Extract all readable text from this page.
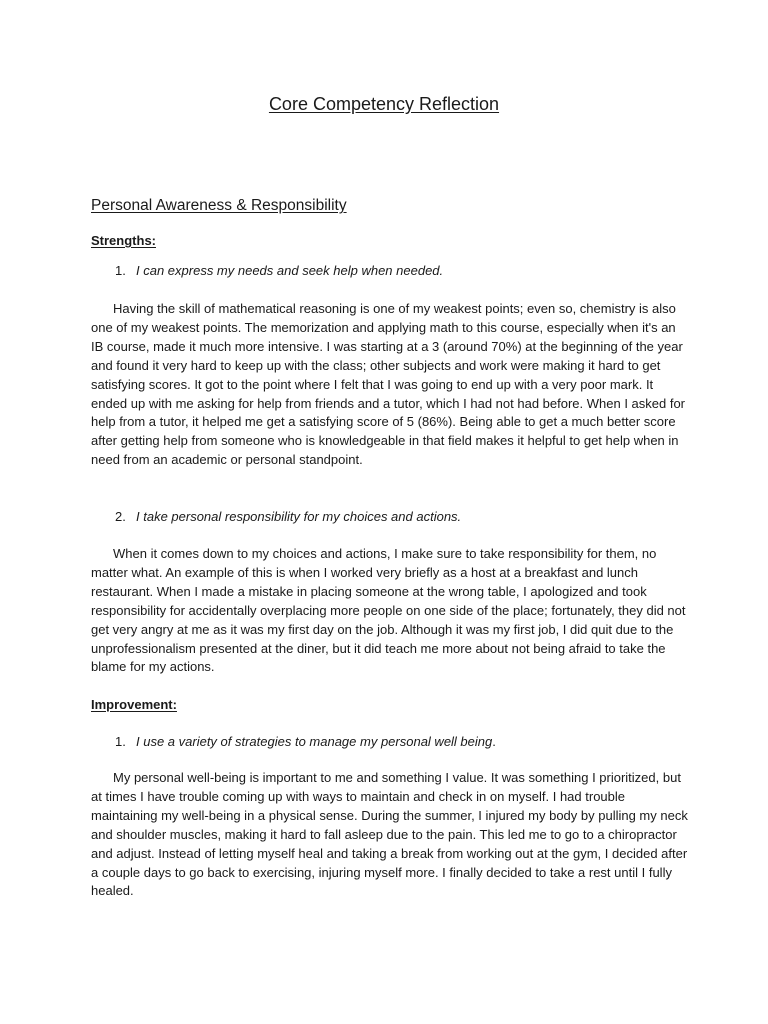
Core Competency Reflection
Personal Awareness & Responsibility
Strengths:

1. I can express my needs and seek help when needed.

Having the skill of mathematical reasoning is one of my weakest points; even so, chemistry is also one of my weakest points. The memorization and applying math to this course, especially when it's an IB course, made it much more intensive. I was starting at a 3 (around 70%) at the beginning of the year and found it very hard to keep up with the class; other subjects and work were making it hard to get satisfying scores. It got to the point where I felt that I was going to end up with a very poor mark. It ended up with me asking for help from friends and a tutor, which I had not had before. When I asked for help from a tutor, it helped me get a satisfying score of 5 (86%). Being able to get a much better score after getting help from someone who is knowledgeable in that field makes it helpful to get help when in need from an academic or personal standpoint.

2. I take personal responsibility for my choices and actions.

When it comes down to my choices and actions, I make sure to take responsibility for them, no matter what. An example of this is when I worked very briefly as a host at a breakfast and lunch restaurant. When I made a mistake in placing someone at the wrong table, I apologized and took responsibility for accidentally overplacing more people on one side of the place; fortunately, they did not get very angry at me as it was my first day on the job. Although it was my first job, I did quit due to the unprofessionalism presented at the diner, but it did teach me more about not being afraid to take the blame for my actions.

Improvement:

1. I use a variety of strategies to manage my personal well being.

My personal well-being is important to me and something I value. It was something I prioritized, but at times I have trouble coming up with ways to maintain and check in on myself. I had trouble maintaining my well-being in a physical sense. During the summer, I injured my body by pulling my neck and shoulder muscles, making it hard to fall asleep due to the pain. This led me to go to a chiropractor and adjust. Instead of letting myself heal and taking a break from working out at the gym, I decided after a couple days to go back to exercising, injuring myself more. I finally decided to take a rest until I fully healed.
